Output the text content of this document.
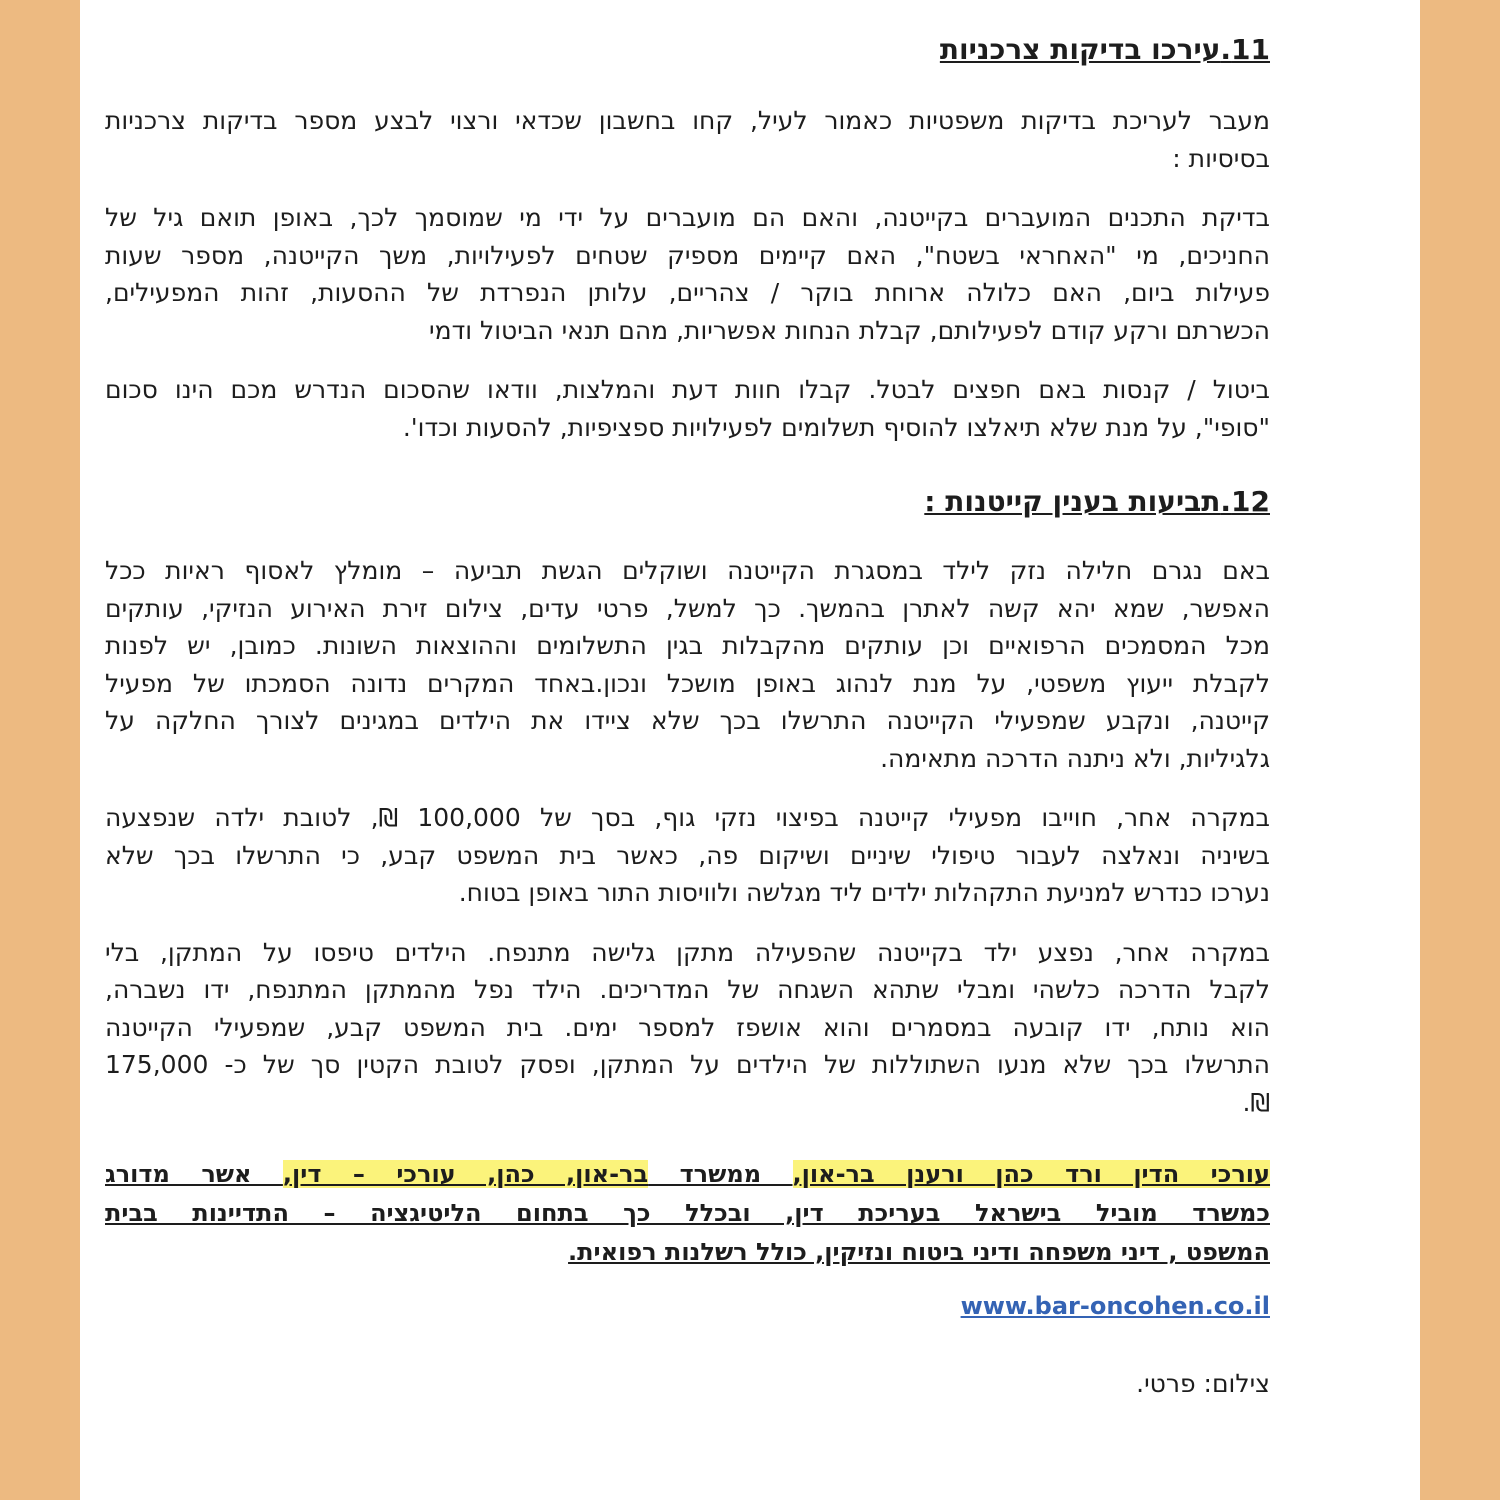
11.עירכו בדיקות צרכניות
מעבר לעריכת בדיקות משפטיות כאמור לעיל, קחו בחשבון שכדאי ורצוי לבצע מספר בדיקות צרכניות
בסיסיות :
בדיקת התכנים המועברים בקייטנה, והאם הם מועברים על ידי מי שמוסמך לכך, באופן תואם גיל של
החניכים, מי "האחראי בשטח", האם קיימים מספיק שטחים לפעילויות, משך הקייטנה, מספר שעות
פעילות ביום, האם כלולה ארוחת בוקר / צהריים, עלותן הנפרדת של ההסעות, זהות המפעילים,
הכשרתם ורקע קודם לפעילותם, קבלת הנחות אפשריות, מהם תנאי הביטול ודמי
ביטול / קנסות באם חפצים לבטל. קבלו חוות דעת והמלצות, וודאו שהסכום הנדרש מכם הינו סכום
"סופי", על מנת שלא תיאלצו להוסיף תשלומים לפעילויות ספציפיות, להסעות וכדו'.
12.תביעות בענין קייטנות :
באם נגרם חלילה נזק לילד במסגרת הקייטנה ושוקלים הגשת תביעה – מומלץ לאסוף ראיות ככל
האפשר, שמא יהא קשה לאתרן בהמשך. כך למשל, פרטי עדים, צילום זירת האירוע הנזיקי, עותקים
מכל המסמכים הרפואיים וכן עותקים מהקבלות בגין התשלומים וההוצאות השונות. כמובן, יש לפנות
לקבלת ייעוץ משפטי, על מנת לנהוג באופן מושכל ונכון.באחד המקרים נדונה הסמכתו של מפעיל
קייטנה, ונקבע שמפעילי הקייטנה התרשלו בכך שלא ציידו את הילדים במגינים לצורך החלקה על
גלגיליות, ולא ניתנה הדרכה מתאימה.
במקרה אחר, חוייבו מפעילי קייטנה בפיצוי נזקי גוף, בסך של 100,000 ₪, לטובת ילדה שנפצעה
בשיניה ונאלצה לעבור טיפולי שיניים ושיקום פה, כאשר בית המשפט קבע, כי התרשלו בכך שלא
נערכו כנדרש למניעת התקהלות ילדים ליד מגלשה ולוויסות התור באופן בטוח.
במקרה אחר, נפצע ילד בקייטנה שהפעילה מתקן גלישה מתנפח. הילדים טיפסו על המתקן, בלי
לקבל הדרכה כלשהי ומבלי שתהא השגחה של המדריכים. הילד נפל מהמתקן המתנפח, ידו נשברה,
הוא נותח, ידו קובעה במסמרים והוא אושפז למספר ימים. בית המשפט קבע, שמפעילי הקייטנה
התרשלו בכך שלא מנעו השתוללות של הילדים על המתקן, ופסק לטובת הקטין סך של כ- 175,000
₪.
עורכי הדין ורד כהן ורענן בר-און, ממשרד בר-און, כהן, עורכי – דין, אשר מדורג
כמשרד מוביל בישראל בעריכת דין, ובכלל כך בתחום הליטיגציה – התדיינות בבית
המשפט , דיני משפחה ודיני ביטוח ונזיקין, כולל רשלנות רפואית.
www.bar-oncohen.co.il
צילום: פרטי.
